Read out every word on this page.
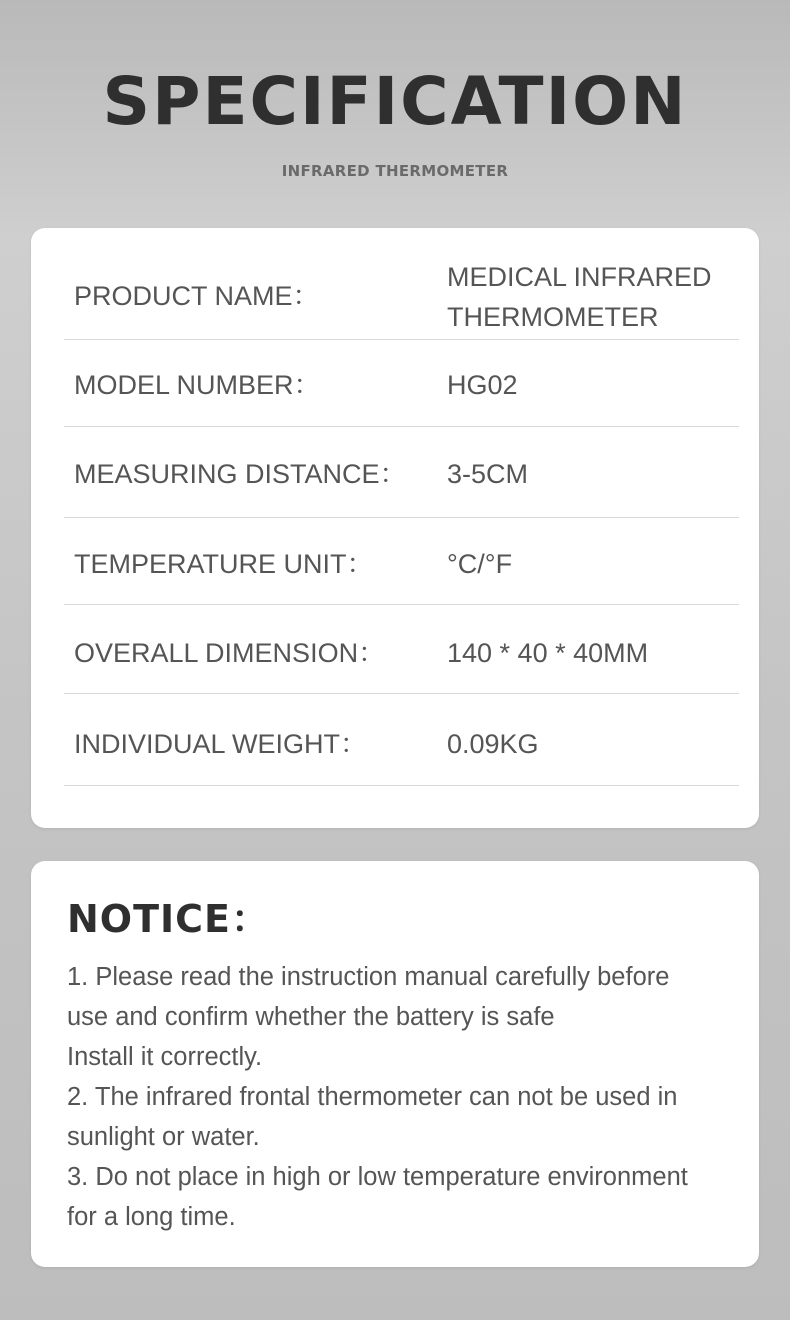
SPECIFICATION
INFRARED THERMOMETER
PRODUCT NAME：
MEDICAL INFRARED
THERMOMETER
MODEL NUMBER：	HG02
MEASURING DISTANCE： 3-5CM
TEMPERATURE UNIT：	°C/°F
OVERALL DIMENSION： 140 * 40 * 40MM
INDIVIDUAL WEIGHT：	0.09KG
NOTICE：
1. Please read the instruction manual carefully before
use and confirm whether the battery is safe
Install it correctly.
2. The infrared frontal thermometer can not be used in
sunlight or water.
3. Do not place in high or low temperature environment
for a long time.
